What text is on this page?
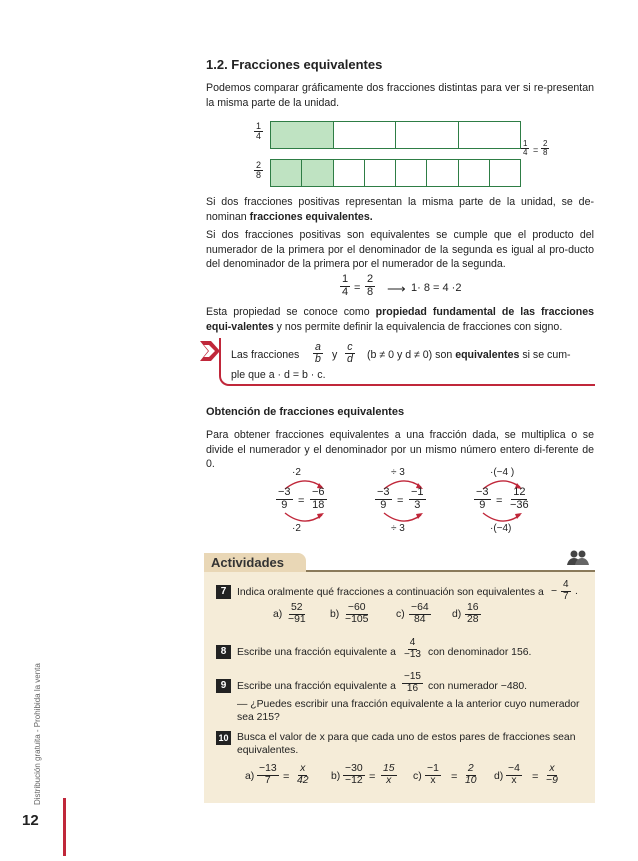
12
Distribución gratuita - Prohibida la venta
1.2. Fracciones equivalentes
Podemos comparar gráficamente dos fracciones distintas para ver si re-presentan la misma parte de la unidad.
$\frac{1}{4}$
$\frac{2}{8}$
$\frac{1}{4} = \frac{2}{8}$
Si dos fracciones positivas representan la misma parte de la unidad, se de-nominan fracciones equivalentes.
Si dos fracciones positivas son equivalentes se cumple que el producto del numerador de la primera por el denominador de la segunda es igual al pro-ducto del denominador de la primera por el numerador de la segunda.
$\frac{1}{4} = \frac{2}{8}$ ⟶ 1· 8 = 4 ·2
Esta propiedad se conoce como propiedad fundamental de las fracciones equi-valentes y nos permite definir la equivalencia de fracciones con signo.
Las fracciones $\frac{a}{b}$ y $\frac{c}{d} (b \ne 0$ y d ≠ 0) son equivalentes si se cum-
ple que a · d = b · c.
Obtención de fracciones equivalentes
Para obtener fracciones equivalentes a una fracción dada, se multiplica o se divide el numerador y el denominador por un mismo número entero di-ferente de 0.
·2
$\frac{-3}{9} = \frac{-6}{18}$
·2
÷ 3
$\frac{-3}{9} = \frac{-1}{3}$
÷ 3
·(−4 )
$\frac{-3}{9} = \frac{12}{-36}$
·(−4)
Actividades
7	Indica oralmente qué fracciones a continuación son equivalentes $a - \frac{4}{7}$ .
$a) \frac{52}{-91} b) \frac{-60}{-105} c) \frac{-64}{84} d) \frac{16}{28}$
8	Escribe una fracción equivalente a $\frac{4}{-13}$ con denominador 156.
9	Escribe una fracción equivalente a $\frac{-15}{16}$ con numerador −480.
— ¿Puedes escribir una fracción equivalente a la anterior cuyo numerador sea 215?
10 Busca el valor de x para que cada uno de estos pares de fracciones sean equivalentes.
$a) \frac{-13}{7} = \frac{x}{42} b) \frac{-30}{-12} = \frac{15}{x} c) \frac{-1}{x} = \frac{2}{10} d) \frac{-4}{x} = \frac{x}{-9}$
